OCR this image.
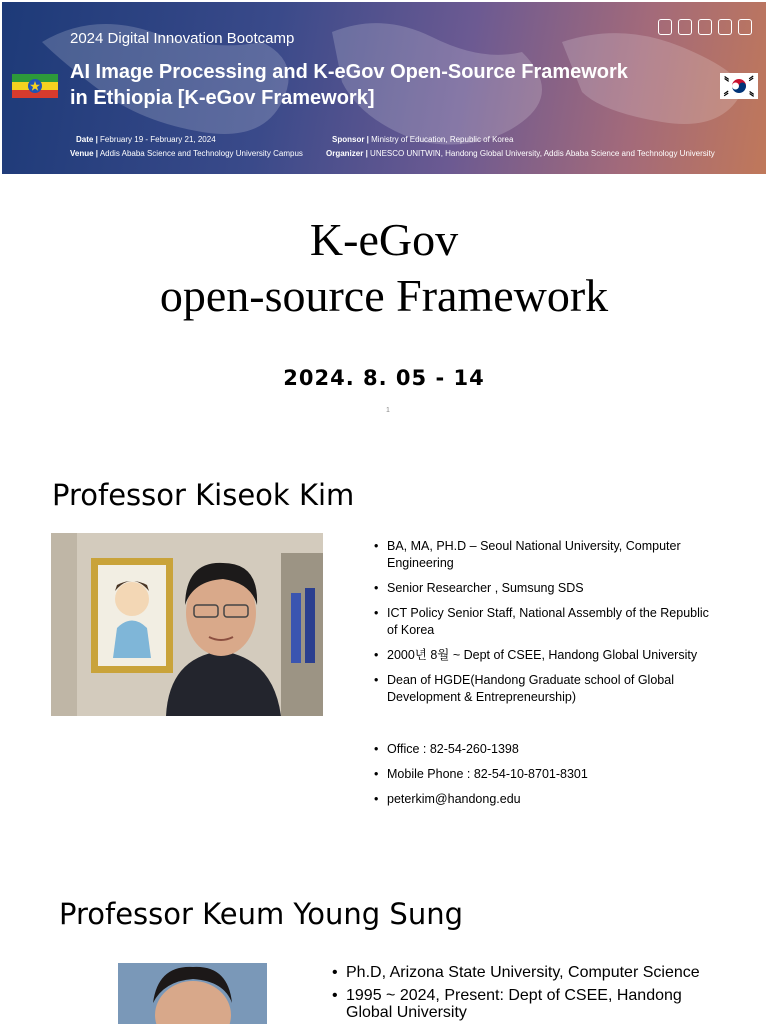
2024 Digital Innovation Bootcamp
AI Image Processing and K-eGov Open-Source Framework
in Ethiopia [K-eGov Framework]
Date | February 19 - February 21, 2024
Venue | Addis Ababa Science and Technology University Campus
Sponsor | Ministry of Education, Republic of Korea
Organizer | UNESCO UNITWIN, Handong Global University, Addis Ababa Science and Technology University
K-eGov
open-source Framework
2024. 8. 05 - 14
1
Professor Kiseok Kim
• BA, MA, PH.D – Seoul National University, Computer Engineering
• Senior Researcher , Sumsung SDS
• ICT Policy Senior Staff, National Assembly of the Republic of Korea
• 2000년 8월 ~ Dept of CSEE, Handong Global University
• Dean of HGDE(Handong Graduate school of Global Development & Entrepreneurship)
• Office : 82-54-260-1398
• Mobile Phone : 82-54-10-8701-8301
• peterkim@handong.edu
Professor Keum Young Sung
• Ph.D, Arizona State University, Computer Science
• 1995 ~ 2024, Present: Dept of CSEE, Handong Global University
